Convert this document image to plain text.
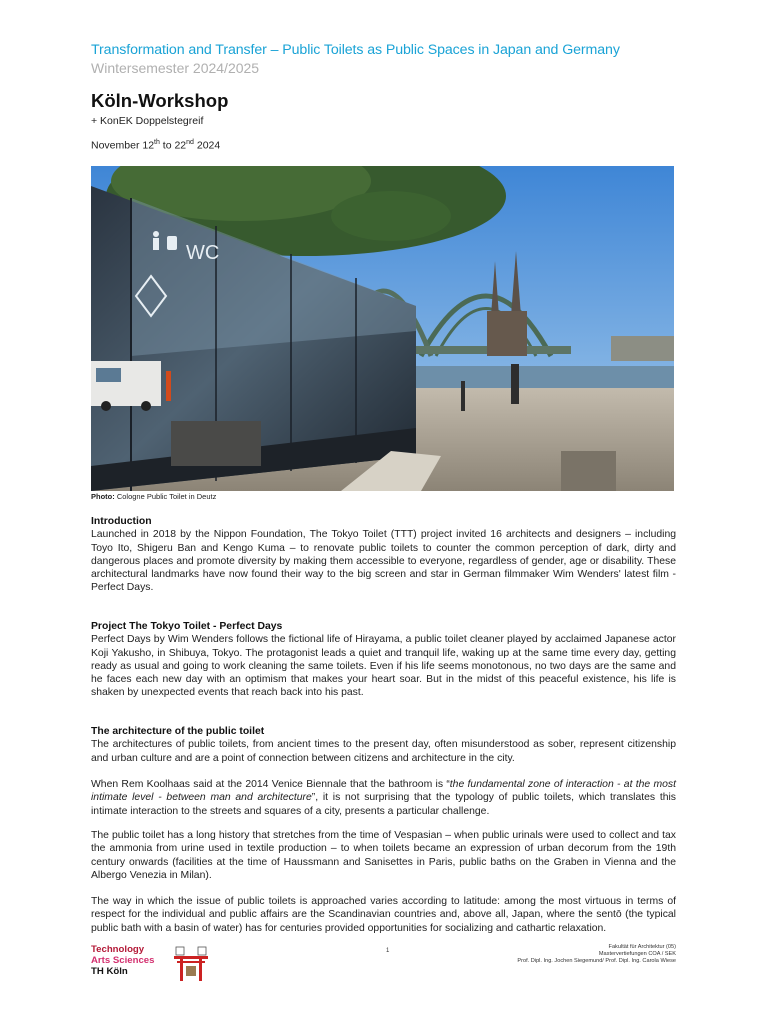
Transformation and Transfer – Public Toilets as Public Spaces in Japan and Germany
Wintersemester 2024/2025
Köln-Workshop
+ KonEK Doppelstegreif
November 12th to 22nd 2024
WC
Photo: Cologne Public Toilet in Deutz

Introduction

Launched in 2018 by the Nippon Foundation, The Tokyo Toilet (TTT) project invited 16 architects and designers – including Toyo Ito, Shigeru Ban and Kengo Kuma – to renovate public toilets to counter the common perception of dark, dirty and dangerous places and promote diversity by making them accessible to everyone, regardless of gender, age or disability. These architectural landmarks have now found their way to the big screen and star in German filmmaker Wim Wenders' latest film - Perfect Days.

Project The Tokyo Toilet - Perfect Days

Perfect Days by Wim Wenders follows the fictional life of Hirayama, a public toilet cleaner played by acclaimed Japanese actor Koji Yakusho, in Shibuya, Tokyo. The protagonist leads a quiet and tranquil life, waking up at the same time every day, getting ready as usual and going to work cleaning the same toilets. Even if his life seems monotonous, no two days are the same and he faces each new day with an optimism that makes your heart soar. But in the midst of this peaceful existence, his life is shaken by unexpected events that reach back into his past.

The architecture of the public toilet

The architectures of public toilets, from ancient times to the present day, often misunderstood as sober, represent citizenship and urban culture and are a point of connection between citizens and architecture in the city.

When Rem Koolhaas said at the 2014 Venice Biennale that the bathroom is “the fundamental zone of interaction - at the most intimate level - between man and architecture”, it is not surprising that the typology of public toilets, which translates this intimate interaction to the streets and squares of a city, presents a particular challenge.

The public toilet has a long history that stretches from the time of Vespasian – when public urinals were used to collect and tax the ammonia from urine used in textile production – to when toilets became an expression of urban decorum from the 19th century onwards (facilities at the time of Haussmann and Sanisettes in Paris, public baths on the Graben in Vienna and the Albergo Venezia in Milan).

The way in which the issue of public toilets is approached varies according to latitude: among the most virtuous in terms of respect for the individual and public affairs are the Scandinavian countries and, above all, Japan, where the sentō (the typical public bath with a basin of water) has for centuries provided opportunities for socializing and cathartic relaxation.

Technology
Arts Sciences
TH Köln
1
Fakultät für Architektur (05)
Mastervertiefungen COA / SEK
Prof. Dipl. Ing. Jochen Siegemund/ Prof. Dipl. Ing. Carola Wiese
